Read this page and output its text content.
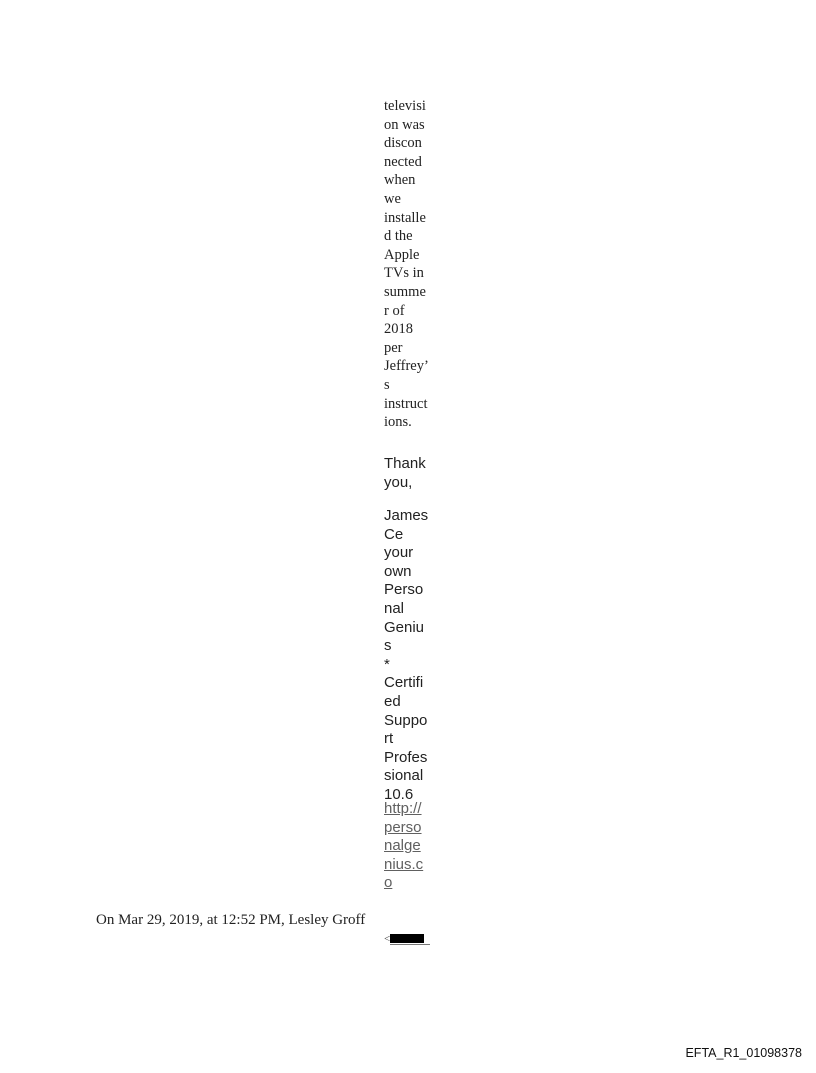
televisi
on was
discon
nected
when
we
installe
d the
Apple
TVs in
summe
r of
2018
per
Jeffrey’
s
instruct
ions.
Thank
you,
James
Ce
your
own
Perso
nal
Geniu
s
*
Certifi
ed
Suppo
rt
Profes
sional
10.6
http://
perso
nalge
nius.c
o
On Mar 29, 2019, at 12:52 PM, Lesley Groff
<
EFTA_R1_01098378
